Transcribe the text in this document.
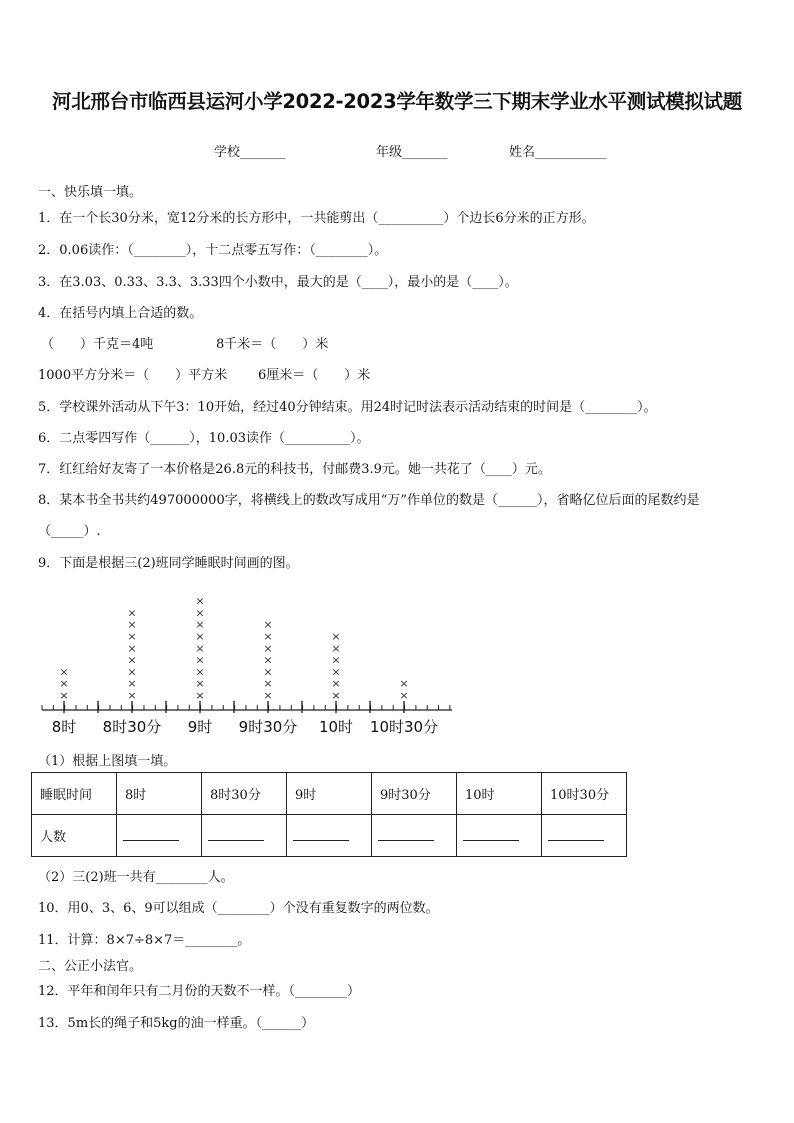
河北邢台市临西县运河小学2022-2023学年数学三下期末学业水平测试模拟试题
学校_______	年级_______	姓名___________
一、快乐填一填。
1．在一个长30分米，宽12分米的长方形中，一共能剪出（__________）个边长6分米的正方形。
2．0.06读作：（________），十二点零五写作：（________）。
3．在3.03、0.33、3.3、3.33四个小数中，最大的是（____），最小的是（____）。
4．在括号内填上合适的数。
（　　）千克＝4吨	8千米＝（　　）米
1000平方分米＝（　　）平方米 6厘米＝（　　）米
5．学校课外活动从下午3：10开始，经过40分钟结束。用24时记时法表示活动结束的时间是（________）。
6．二点零四写作（______），10.03读作（__________）。
7．红红给好友寄了一本价格是26.8元的科技书，付邮费3.9元。她一共花了（____）元。
8．某本书全书共约497000000字，将横线上的数改写成用“万”作单位的数是（______），省略亿位后面的尾数约是
（_____）.
9．下面是根据三(2)班同学睡眠时间画的图。
×
×
×
×
×
×
×
×
×
×
×
×
×
×
×
×
×
×
×
×
×
×
×
×
×
×
×
×
×
×
×
×
×
×
×
8时 8时30分 9时 9时30分 10时 10时30分
（1）根据上图填一填。
睡眠时间	8时	8时30分	9时	9时30分	10时	10时30分
人数						
（2）三(2)班一共有________人。
10．用0、3、6、9可以组成（________）个没有重复数字的两位数。
11．计算：8×7÷8×7＝________。
二、公正小法官。
12．平年和闰年只有二月份的天数不一样。（________）
13．5m长的绳子和5kg的油一样重。（______）
